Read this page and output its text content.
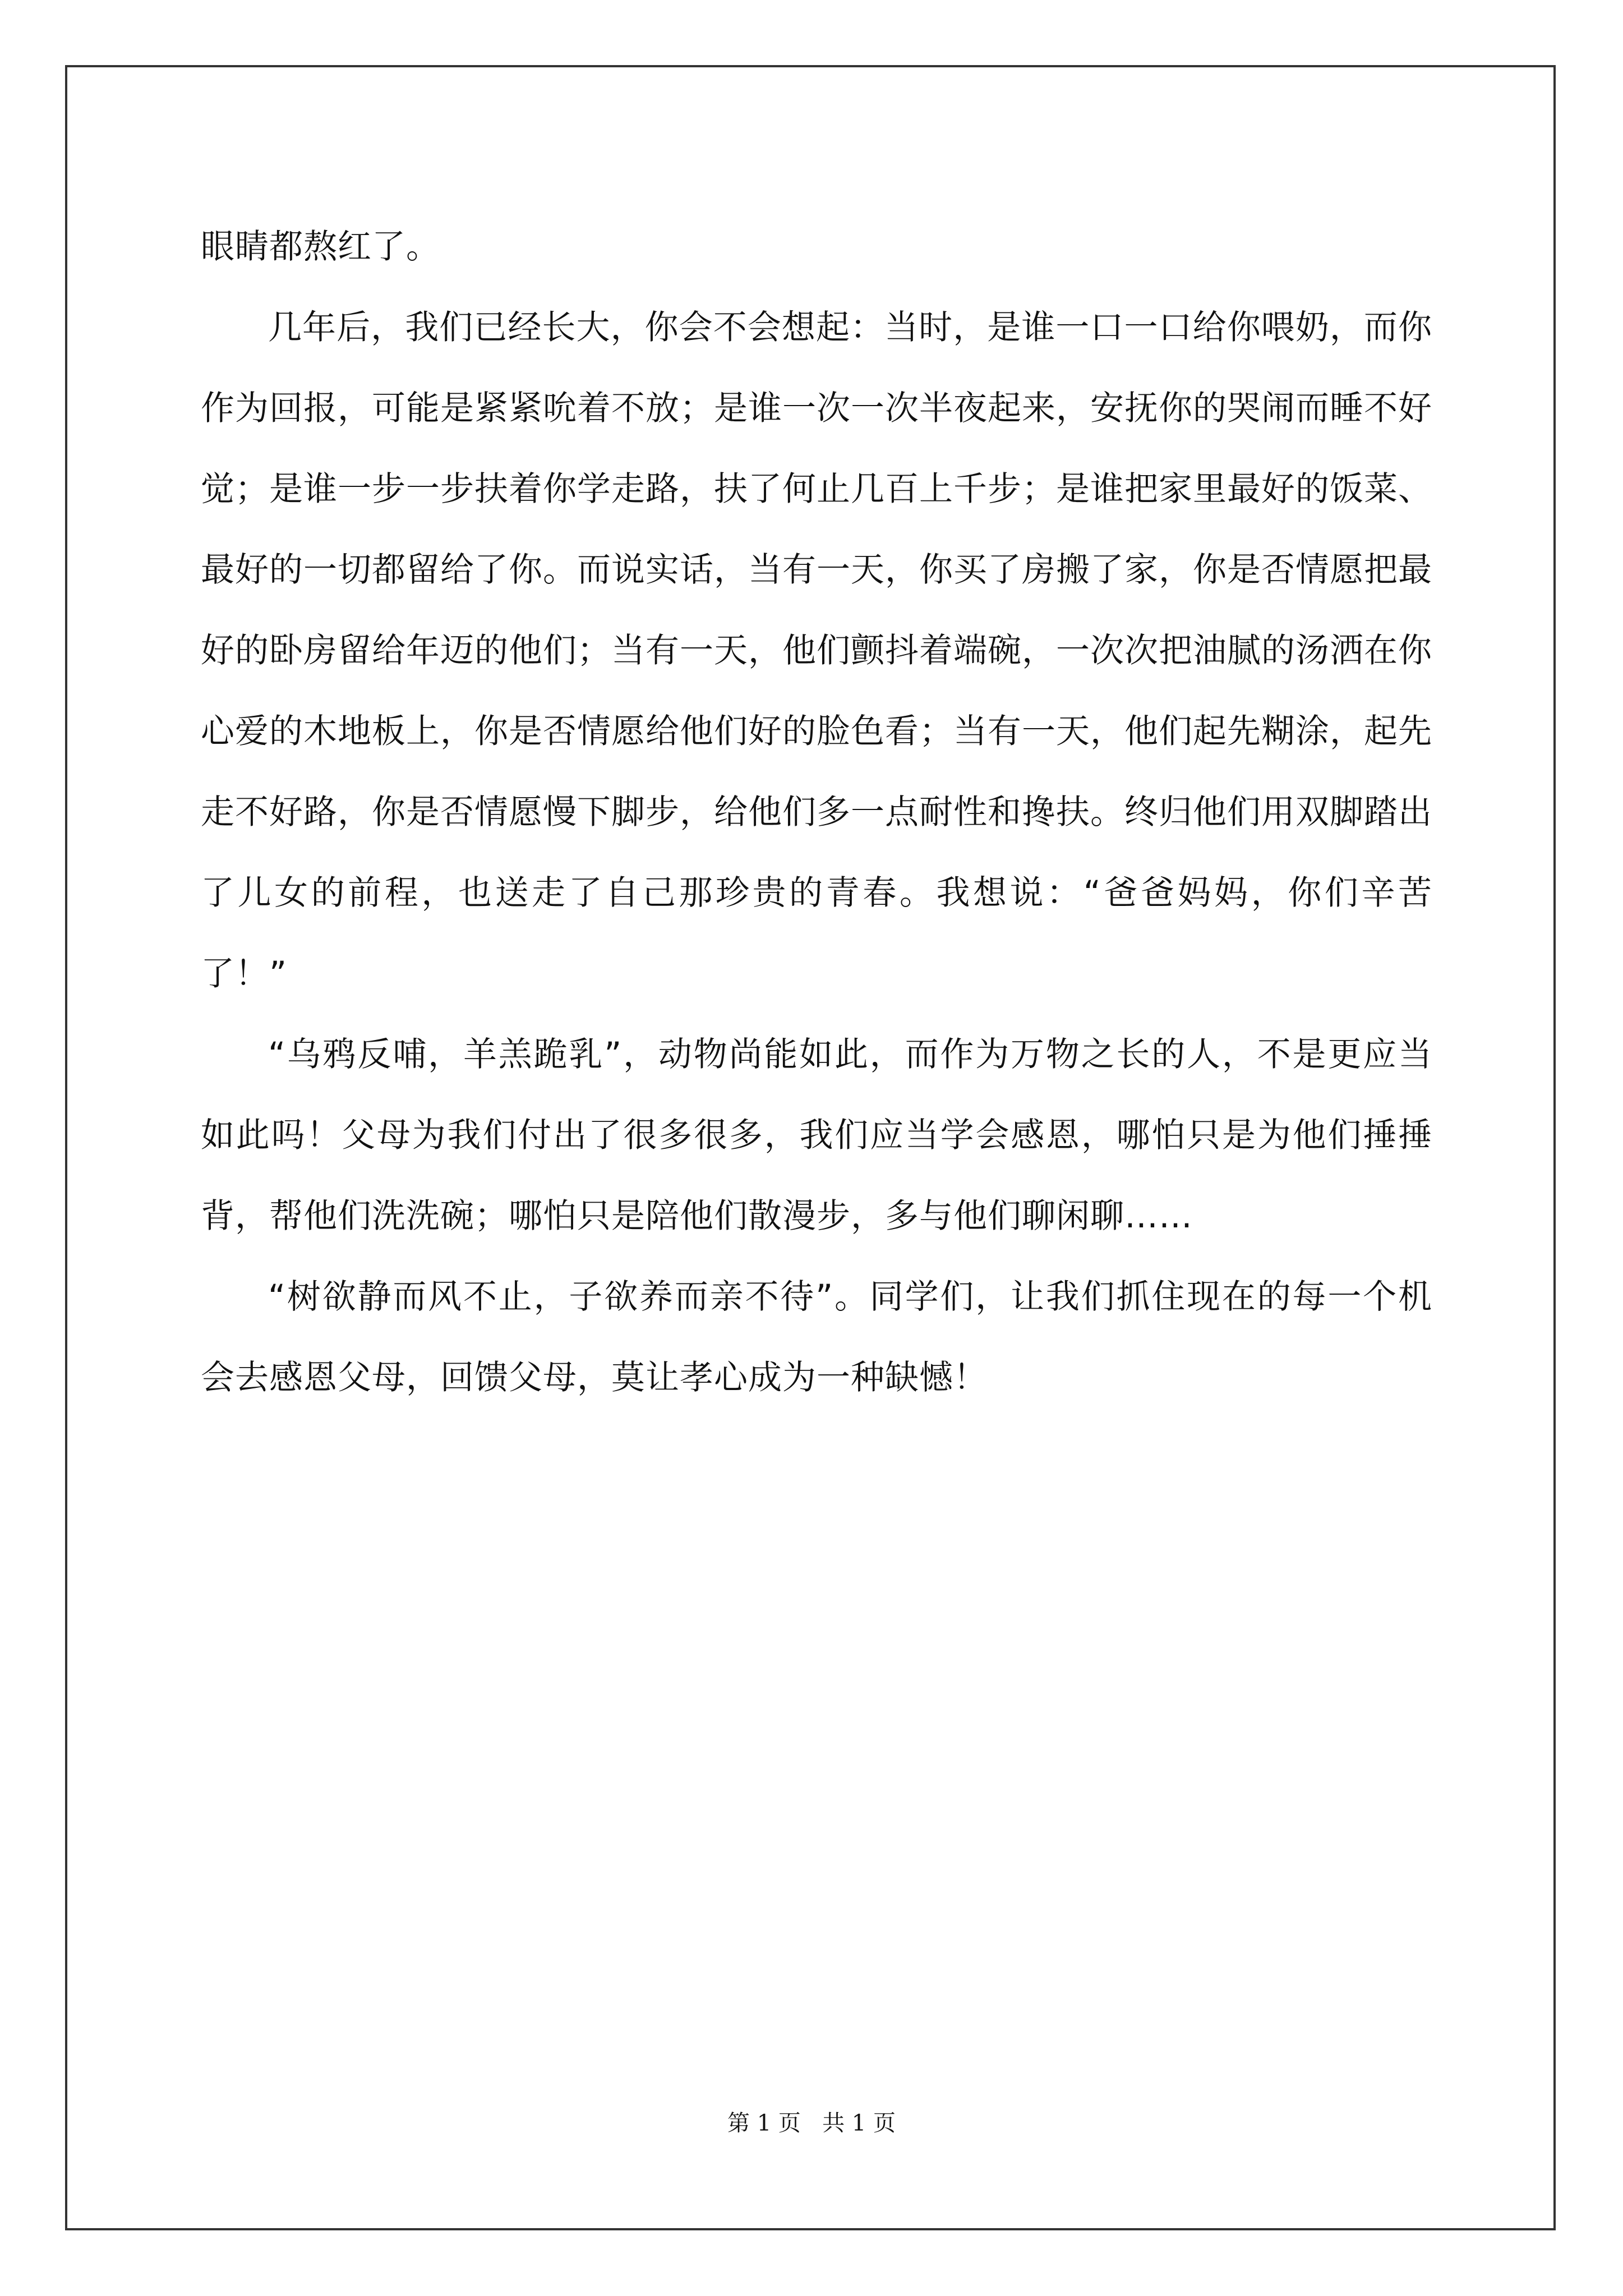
眼睛都熬红了。

几年后，我们已经长大，你会不会想起：当时，是谁一口一口给你喂奶，而你作为回报，可能是紧紧吮着不放；是谁一次一次半夜起来，安抚你的哭闹而睡不好觉；是谁一步一步扶着你学走路，扶了何止几百上千步；是谁把家里最好的饭菜、最好的一切都留给了你。而说实话，当有一天，你买了房搬了家，你是否情愿把最好的卧房留给年迈的他们；当有一天，他们颤抖着端碗，一次次把油腻的汤洒在你心爱的木地板上，你是否情愿给他们好的脸色看；当有一天，他们起先糊涂，起先走不好路，你是否情愿慢下脚步，给他们多一点耐性和搀扶。终归他们用双脚踏出了儿女的前程，也送走了自己那珍贵的青春。我想说：“爸爸妈妈，你们辛苦了！”

“乌鸦反哺，羊羔跪乳”，动物尚能如此，而作为万物之长的人，不是更应当如此吗！父母为我们付出了很多很多，我们应当学会感恩，哪怕只是为他们捶捶背，帮他们洗洗碗；哪怕只是陪他们散漫步，多与他们聊闲聊……

“树欲静而风不止，子欲养而亲不待”。同学们，让我们抓住现在的每一个机会去感恩父母，回馈父母，莫让孝心成为一种缺憾！

第 1 页 共 1 页
